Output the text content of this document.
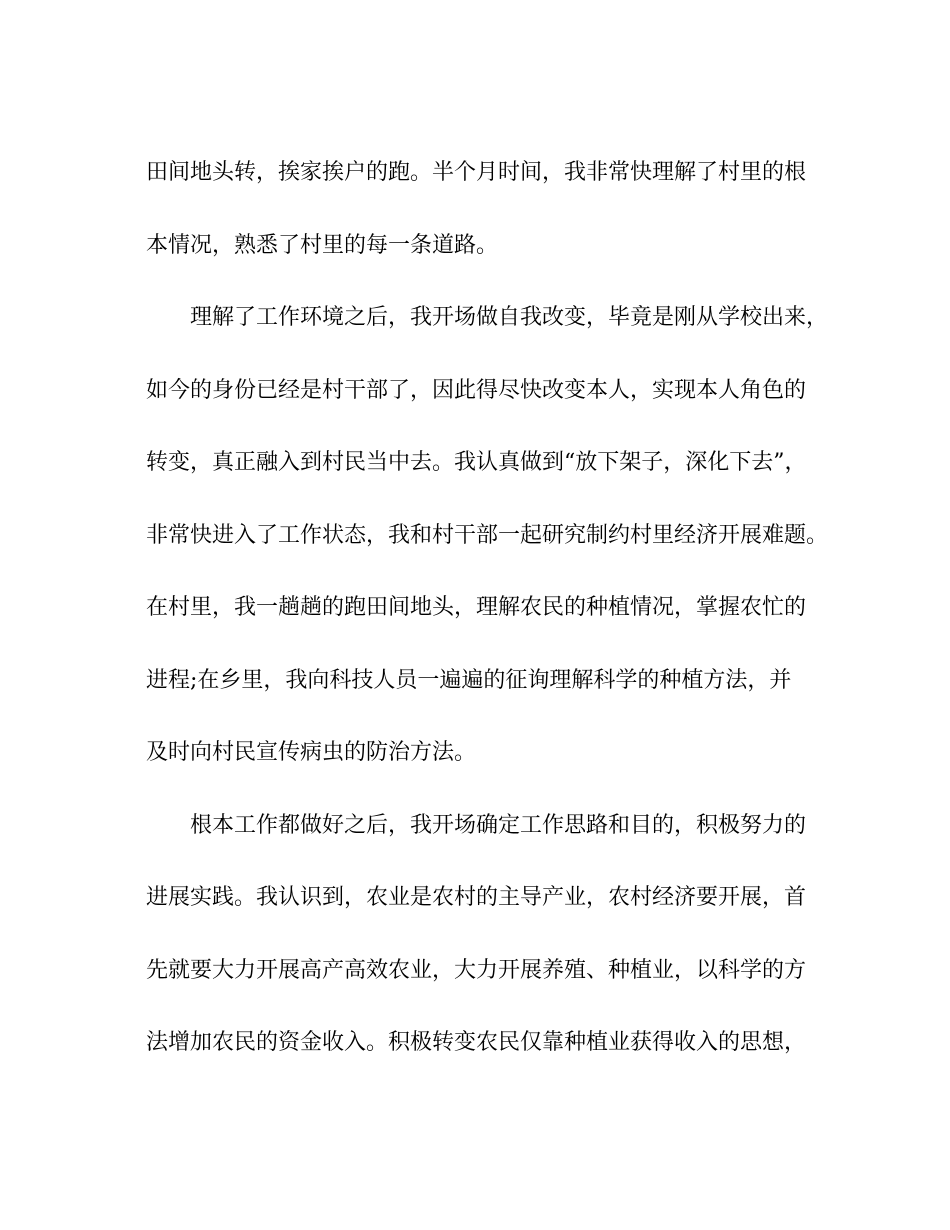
田间地头转，挨家挨户的跑。半个月时间，我非常快理解了村里的根
本情况，熟悉了村里的每一条道路。
理解了工作环境之后，我开场做自我改变，毕竟是刚从学校出来，
如今的身份已经是村干部了，因此得尽快改变本人，实现本人角色的
转变，真正融入到村民当中去。我认真做到“放下架子，深化下去”，
非常快进入了工作状态，我和村干部一起研究制约村里经济开展难题。
在村里，我一趟趟的跑田间地头，理解农民的种植情况，掌握农忙的
进程;在乡里，我向科技人员一遍遍的征询理解科学的种植方法，并
及时向村民宣传病虫的防治方法。
根本工作都做好之后，我开场确定工作思路和目的，积极努力的
进展实践。我认识到，农业是农村的主导产业，农村经济要开展，首
先就要大力开展高产高效农业，大力开展养殖、种植业，以科学的方
法增加农民的资金收入。积极转变农民仅靠种植业获得收入的思想，
